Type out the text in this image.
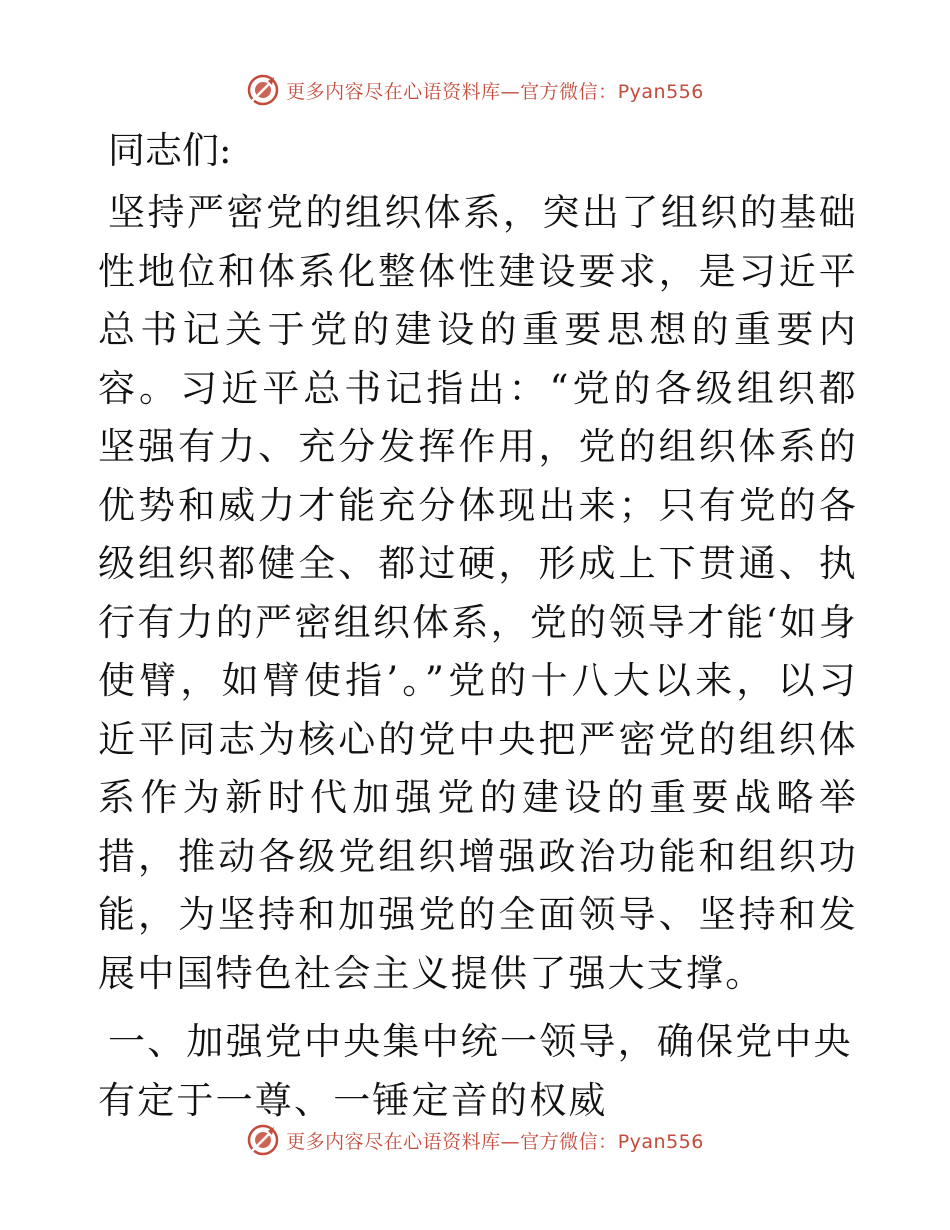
更多内容尽在心语资料库—官方微信：Pyan556
同志们:

坚持严密党的组织体系，突出了组织的基础性地位和体系化整体性建设要求，是习近平总书记关于党的建设的重要思想的重要内容。习近平总书记指出：“党的各级组织都坚强有力、充分发挥作用，党的组织体系的优势和威力才能充分体现出来；只有党的各级组织都健全、都过硬，形成上下贯通、执行有力的严密组织体系，党的领导才能‘如身使臂，如臂使指’。”党的十八大以来，以习近平同志为核心的党中央把严密党的组织体系作为新时代加强党的建设的重要战略举措，推动各级党组织增强政治功能和组织功能，为坚持和加强党的全面领导、坚持和发展中国特色社会主义提供了强大支撑。

一、加强党中央集中统一领导，确保党中央有定于一尊、一锤定音的权威
更多内容尽在心语资料库—官方微信：Pyan556
